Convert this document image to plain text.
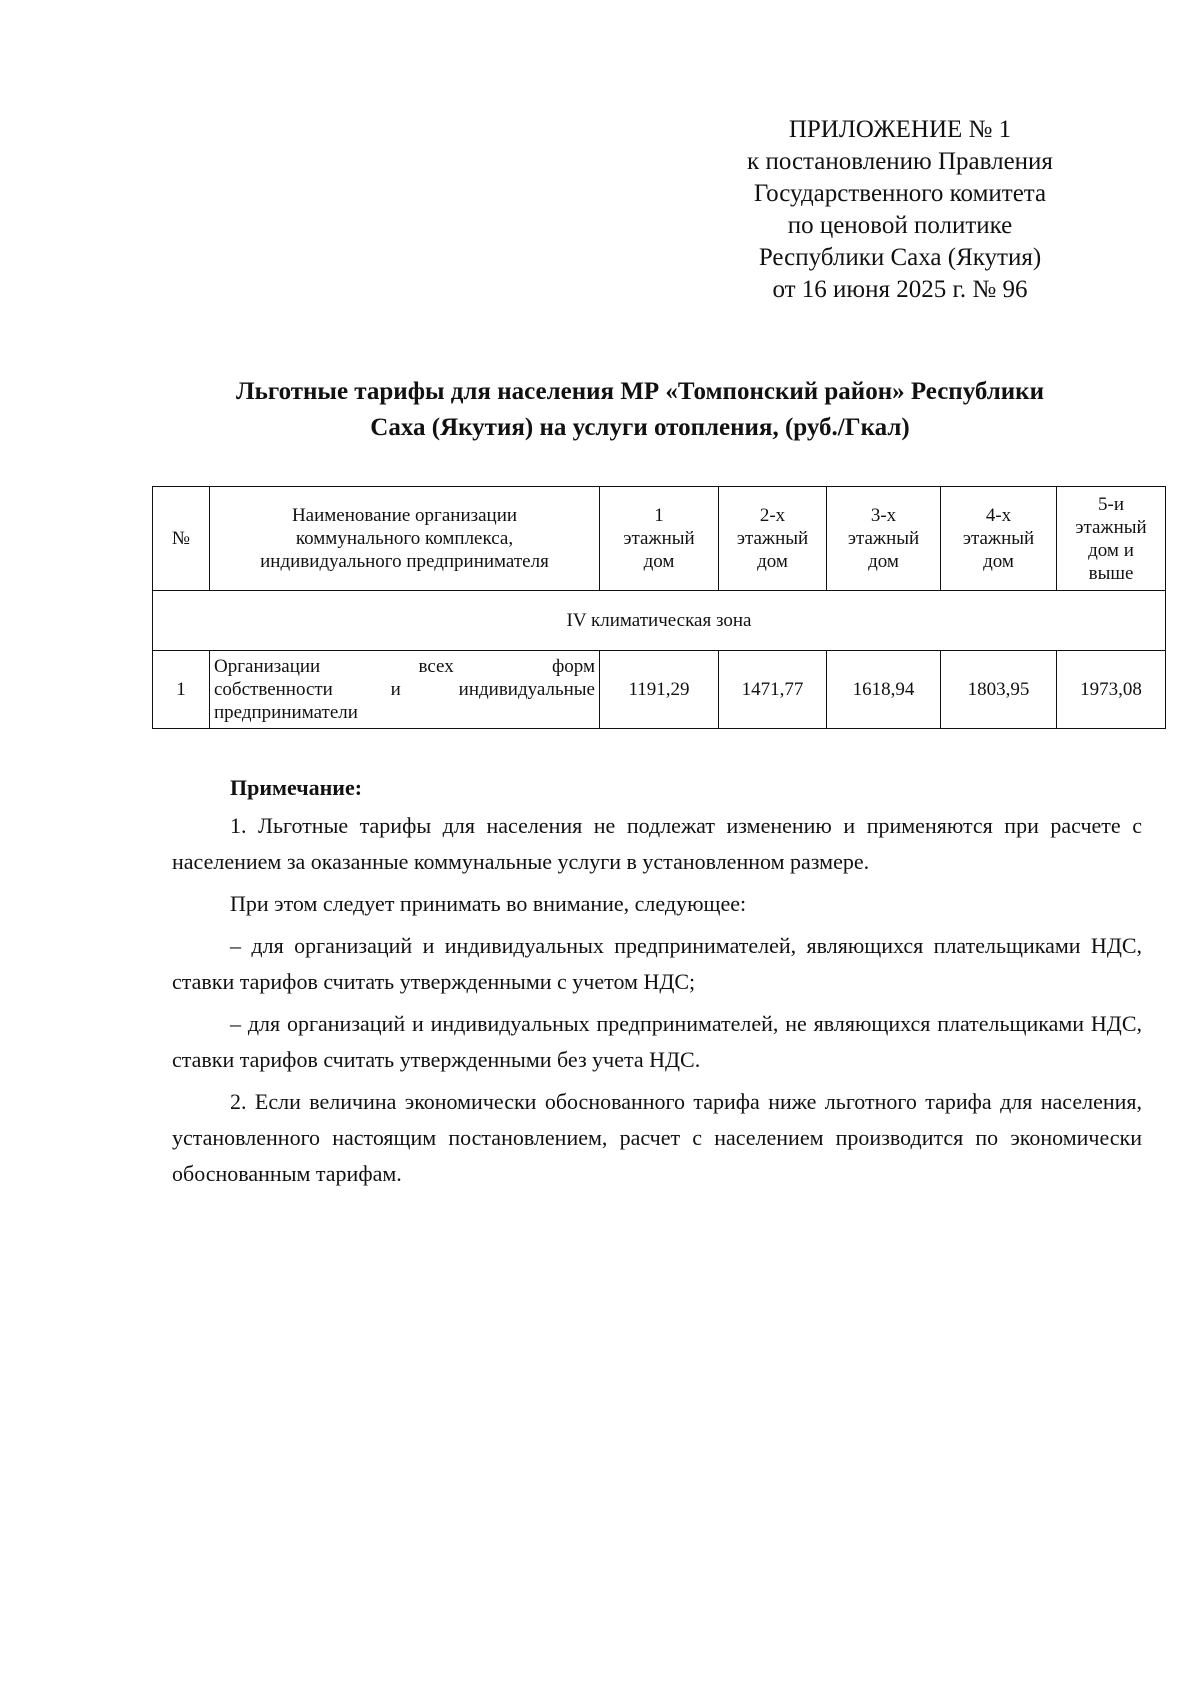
ПРИЛОЖЕНИЕ № 1
к постановлению Правления
Государственного комитета
по ценовой политике
Республики Саха (Якутия)
от 16 июня 2025 г. № 96
Льготные тарифы для населения МР «Томпонский район» Республики
Саха (Якутия) на услуги отопления, (руб./Гкал)
№	Наименование организации
коммунального комплекса,
индивидуального предпринимателя	1
этажный
дом	2-х
этажный
дом	3-х
этажный
дом	4-х
этажный
дом	5-и
этажный
дом и
выше

IV климатическая зона						
1	Организации всех форм
собственности и индивидуальные
предприниматели	1191,29	1471,77	1618,94	1803,95	1973,08

Примечание:

1. Льготные тарифы для населения не подлежат изменению и применяются при расчете с населением за оказанные коммунальные услуги в установленном размере.

При этом следует принимать во внимание, следующее:

– для организаций и индивидуальных предпринимателей, являющихся плательщиками НДС, ставки тарифов считать утвержденными с учетом НДС;

– для организаций и индивидуальных предпринимателей, не являющихся плательщиками НДС, ставки тарифов считать утвержденными без учета НДС.

2. Если величина экономически обоснованного тарифа ниже льготного тарифа для населения, установленного настоящим постановлением, расчет с населением производится по экономически обоснованным тарифам.
